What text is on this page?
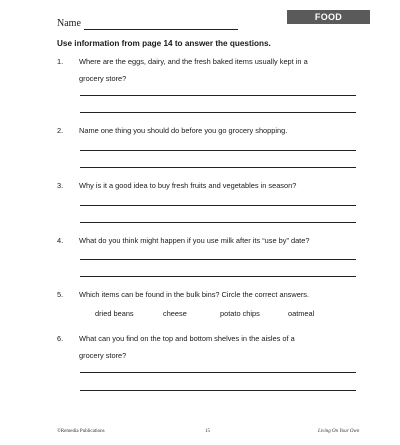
Name
FOOD
Use information from page 14 to answer the questions.
1.	Where are the eggs, dairy, and the fresh baked items usually kept in a
grocery store?
2.	Name one thing you should do before you go grocery shopping.
3.	Why is it a good idea to buy fresh fruits and vegetables in season?
4.	What do you think might happen if you use milk after its “use by” date?
5.	Which items can be found in the bulk bins? Circle the correct answers.
dried beans	cheese	potato chips	oatmeal
6.	What can you find on the top and bottom shelves in the aisles of a
grocery store?
©Remedia Publications	15	Living On Your Own
